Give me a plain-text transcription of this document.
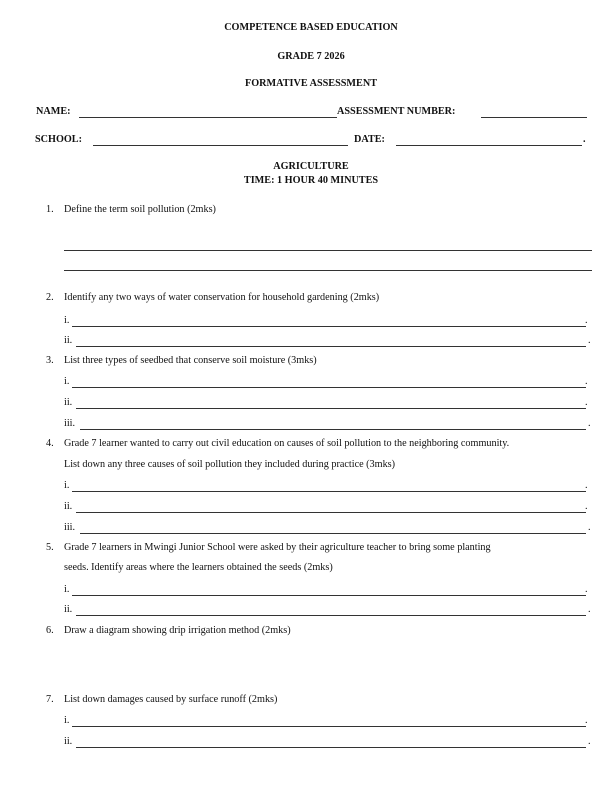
COMPETENCE BASED EDUCATION
GRADE 7 2026
FORMATIVE ASSESSMENT
NAME:	ASSESSMENT NUMBER:
SCHOOL:	DATE:	.
AGRICULTURE
TIME: 1 HOUR 40 MINUTES
1. Define the term soil pollution (2mks)
2. Identify any two ways of water conservation for household gardening (2mks)
i.	.
ii.	.
3. List three types of seedbed that conserve soil moisture (3mks)
i.	.
ii.	.
iii.	.
4. Grade 7 learner wanted to carry out civil education on causes of soil pollution to the neighboring community.
List down any three causes of soil pollution they included during practice (3mks)
i.	.
ii.	.
iii.	.
5. Grade 7 learners in Mwingi Junior School were asked by their agriculture teacher to bring some planting
seeds. Identify areas where the learners obtained the seeds (2mks)
i.	.
ii.	.
6. Draw a diagram showing drip irrigation method (2mks)
7. List down damages caused by surface runoff (2mks)
i.	.
ii.	.
